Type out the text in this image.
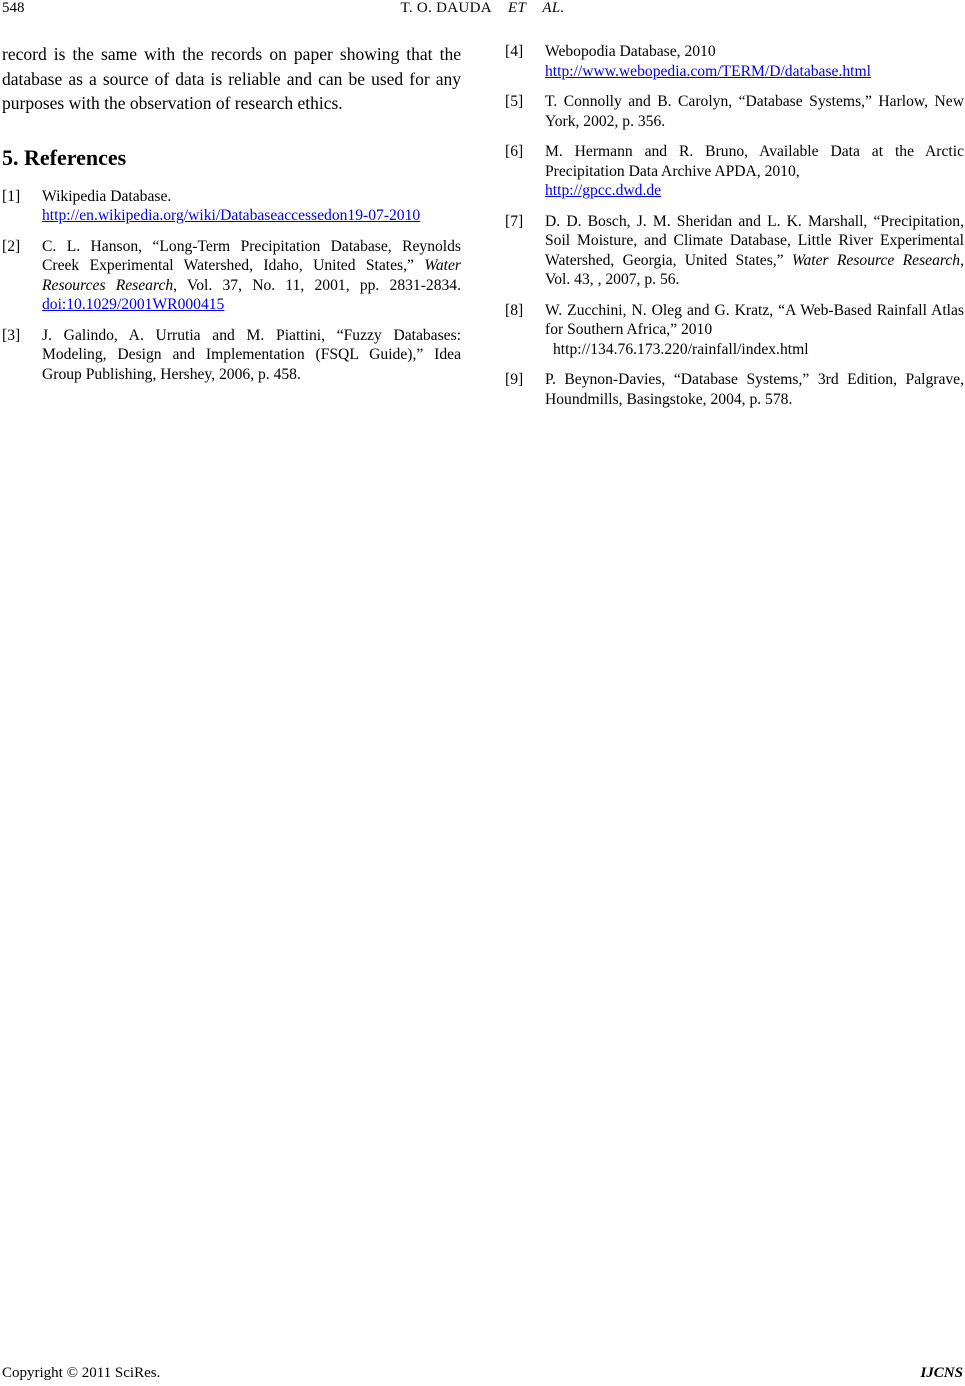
548	T. O. DAUDA ET AL.

record is the same with the records on paper showing that the database as a source of data is reliable and can be used for any purposes with the observation of research ethics.

5. References
[1] Wikipedia Database.
http://en.wikipedia.org/wiki/Databaseaccessedon19-07-2010
[2] C. L. Hanson, “Long-Term Precipitation Database, Reynolds Creek Experimental Watershed, Idaho, United States,” Water Resources Research, Vol. 37, No. 11, 2001, pp. 2831-2834. doi:10.1029/2001WR000415
[3] J. Galindo, A. Urrutia and M. Piattini, “Fuzzy Databases: Modeling, Design and Implementation (FSQL Guide),” Idea Group Publishing, Hershey, 2006, p. 458.
[4] Webopodia Database, 2010
http://www.webopedia.com/TERM/D/database.html
[5] T. Connolly and B. Carolyn, “Database Systems,” Harlow, New York, 2002, p. 356.
[6] M. Hermann and R. Bruno, Available Data at the Arctic Precipitation Data Archive APDA, 2010,
http://gpcc.dwd.de
[7] D. D. Bosch, J. M. Sheridan and L. K. Marshall, “Precipitation, Soil Moisture, and Climate Database, Little River Experimental Watershed, Georgia, United States,” Water Resource Research, Vol. 43, , 2007, p. 56.
[8] W. Zucchini, N. Oleg and G. Kratz, “A Web-Based Rainfall Atlas for Southern Africa,” 2010
http://134.76.173.220/rainfall/index.html
[9] P. Beynon-Davies, “Database Systems,” 3rd Edition, Palgrave, Houndmills, Basingstoke, 2004, p. 578.
Copyright © 2011 SciRes.	IJCNS
